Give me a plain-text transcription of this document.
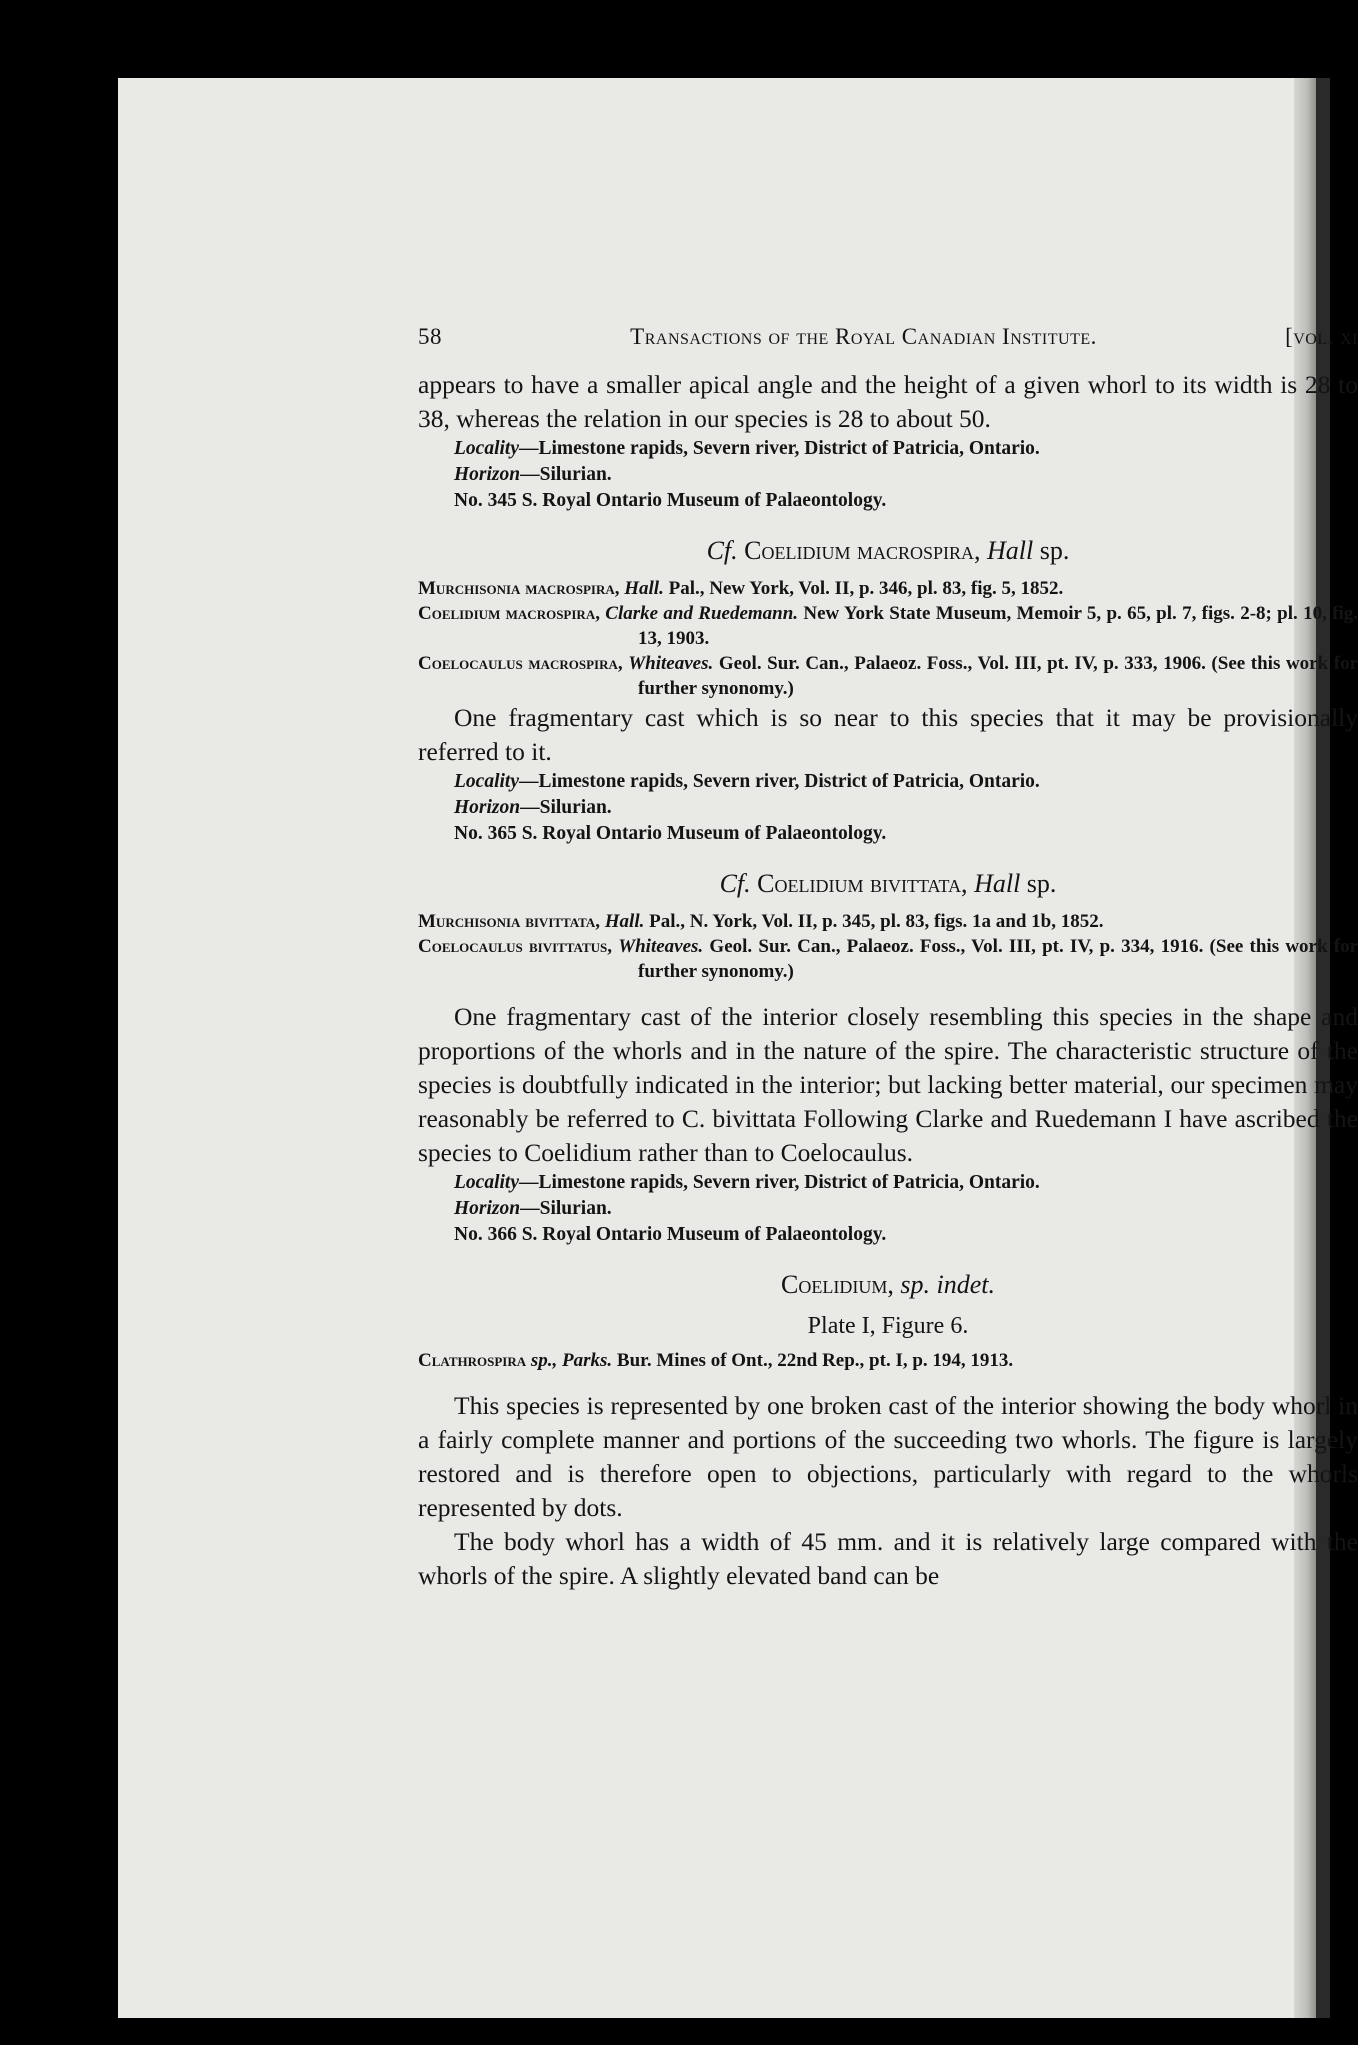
58	Transactions of the Royal Canadian Institute.	[vol. xi

appears to have a smaller apical angle and the height of a given whorl to its width is 28 to 38, whereas the relation in our species is 28 to about 50.

Locality—Limestone rapids, Severn river, District of Patricia, Ontario.

Horizon—Silurian.

No. 345 S. Royal Ontario Museum of Palaeontology.

Cf. Coelidium macrospira, Hall sp.

Murchisonia macrospira, Hall. Pal., New York, Vol. II, p. 346, pl. 83, fig. 5, 1852.

Coelidium macrospira, Clarke and Ruedemann. New York State Museum, Memoir 5, p. 65, pl. 7, figs. 2-8; pl. 10, fig. 13, 1903.

Coelocaulus macrospira, Whiteaves. Geol. Sur. Can., Palaeoz. Foss., Vol. III, pt. IV, p. 333, 1906. (See this work for further synonomy.)

One fragmentary cast which is so near to this species that it may be provisionally referred to it.

Locality—Limestone rapids, Severn river, District of Patricia, Ontario.

Horizon—Silurian.

No. 365 S. Royal Ontario Museum of Palaeontology.

Cf. Coelidium bivittata, Hall sp.

Murchisonia bivittata, Hall. Pal., N. York, Vol. II, p. 345, pl. 83, figs. 1a and 1b, 1852.

Coelocaulus bivittatus, Whiteaves. Geol. Sur. Can., Palaeoz. Foss., Vol. III, pt. IV, p. 334, 1916. (See this work for further synonomy.)

One fragmentary cast of the interior closely resembling this species in the shape and proportions of the whorls and in the nature of the spire. The characteristic structure of the species is doubtfully indicated in the interior; but lacking better material, our specimen may reasonably be referred to C. bivittata Following Clarke and Ruedemann I have ascribed the species to Coelidium rather than to Coelocaulus.

Locality—Limestone rapids, Severn river, District of Patricia, Ontario.

Horizon—Silurian.

No. 366 S. Royal Ontario Museum of Palaeontology.

Coelidium, sp. indet.
Plate I, Figure 6.

Clathrospira sp., Parks. Bur. Mines of Ont., 22nd Rep., pt. I, p. 194, 1913.

This species is represented by one broken cast of the interior showing the body whorl in a fairly complete manner and portions of the succeeding two whorls. The figure is largely restored and is therefore open to objections, particularly with regard to the whorls represented by dots.

The body whorl has a width of 45 mm. and it is relatively large compared with the whorls of the spire. A slightly elevated band can be
